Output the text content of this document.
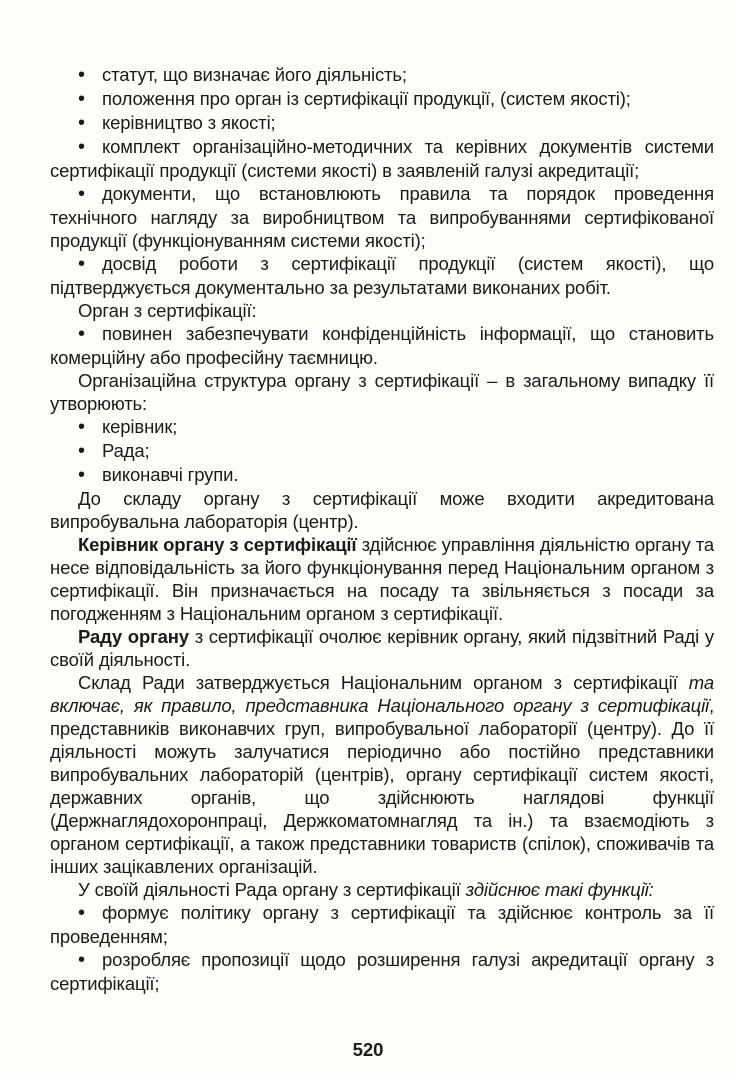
• статут, що визначає його діяльність;

• положення про орган із сертифікації продукції, (систем якості);

• керівництво з якості;

• комплект організаційно-методичних та керівних документів системи сертифікації продукції (системи якості) в заявленій галузі акредитації;

• документи, що встановлюють правила та порядок проведення технічного нагляду за виробництвом та випробуваннями сертифікованої продукції (функціонуванням системи якості);

• досвід роботи з сертифікації продукції (систем якості), що підтверджується документально за результатами виконаних робіт.

Орган з сертифікації:

• повинен забезпечувати конфіденційність інформації, що становить комерційну або професійну таємницю.

Організаційна структура органу з сертифікації – в загальному випадку її утворюють:

• керівник;

• Рада;

• виконавчі групи.

До складу органу з сертифікації може входити акредитована випробувальна лабораторія (центр).

Керівник органу з сертифікації здійснює управління діяльністю органу та несе відповідальність за його функціонування перед Національним органом з сертифікації. Він призначається на посаду та звільняється з посади за погодженням з Національним органом з сертифікації.

Раду органу з сертифікації очолює керівник органу, який підзвітний Раді у своїй діяльності.

Склад Ради затверджується Національним органом з сертифікації та включає, як правило, представника Національного органу з сертифікації, представників виконавчих груп, випробувальної лабораторії (центру). До її діяльності можуть залучатися періодично або постійно представники випробувальних лабораторій (центрів), органу сертифікації систем якості, державних органів, що здійснюють наглядові функції (Держнаглядохоронпраці, Держкоматомнагляд та ін.) та взаємодіють з органом сертифікації, а також представники товариств (спілок), споживачів та інших зацікавлених організацій.

У своїй діяльності Рада органу з сертифікації здійснює такі функції:

• формує політику органу з сертифікації та здійснює контроль за її проведенням;

• розробляє пропозиції щодо розширення галузі акредитації органу з сертифікації;

520
